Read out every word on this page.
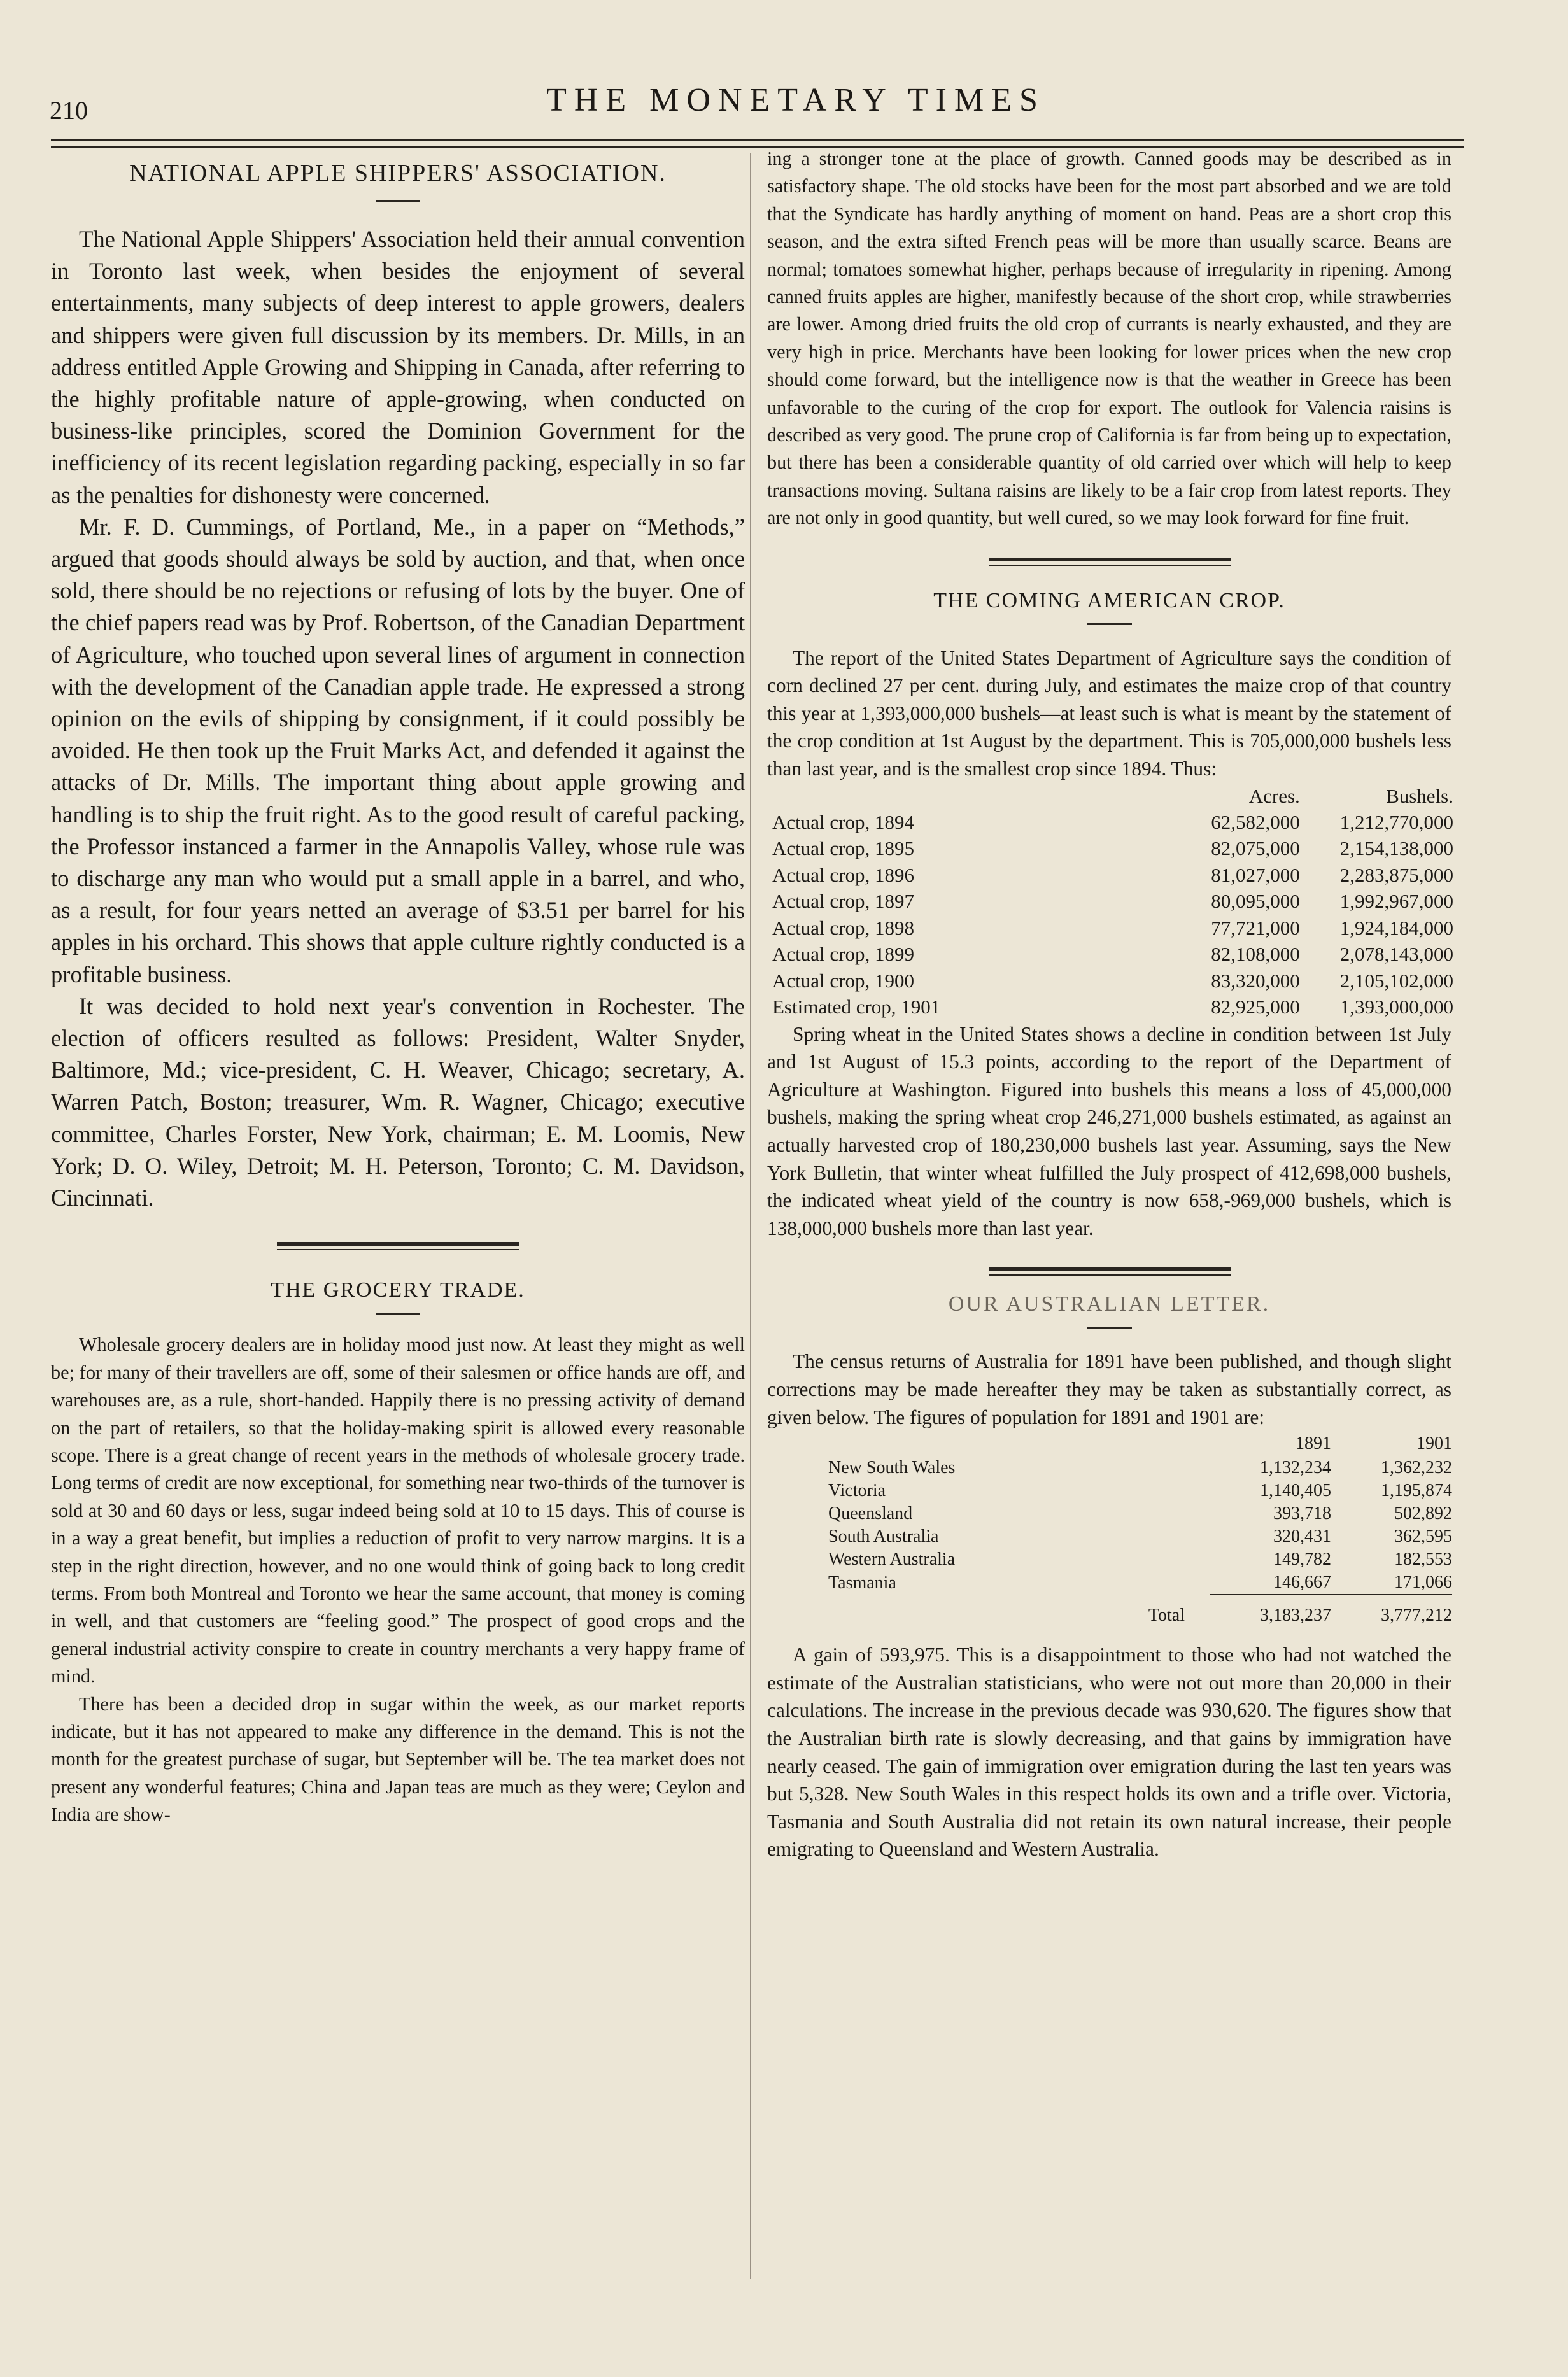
210	THE MONETARY TIMES
NATIONAL APPLE SHIPPERS' ASSOCIATION.

The National Apple Shippers' Association held their annual convention in Toronto last week, when besides the enjoyment of several entertainments, many subjects of deep interest to apple growers, dealers and shippers were given full discussion by its members. Dr. Mills, in an address entitled Apple Growing and Shipping in Canada, after referring to the highly profitable nature of apple-growing, when conducted on business-like principles, scored the Dominion Government for the inefficiency of its recent legislation regarding packing, especially in so far as the penalties for dishonesty were concerned.

Mr. F. D. Cummings, of Portland, Me., in a paper on “Methods,” argued that goods should always be sold by auction, and that, when once sold, there should be no rejections or refusing of lots by the buyer. One of the chief papers read was by Prof. Robertson, of the Canadian Department of Agriculture, who touched upon several lines of argument in connection with the development of the Canadian apple trade. He expressed a strong opinion on the evils of shipping by consignment, if it could possibly be avoided. He then took up the Fruit Marks Act, and defended it against the attacks of Dr. Mills. The important thing about apple growing and handling is to ship the fruit right. As to the good result of careful packing, the Professor instanced a farmer in the Annapolis Valley, whose rule was to discharge any man who would put a small apple in a barrel, and who, as a result, for four years netted an average of $3.51 per barrel for his apples in his orchard. This shows that apple culture rightly conducted is a profitable business.

It was decided to hold next year's convention in Rochester. The election of officers resulted as follows: President, Walter Snyder, Baltimore, Md.; vice-president, C. H. Weaver, Chicago; secretary, A. Warren Patch, Boston; treasurer, Wm. R. Wagner, Chicago; executive committee, Charles Forster, New York, chairman; E. M. Loomis, New York; D. O. Wiley, Detroit; M. H. Peterson, Toronto; C. M. Davidson, Cincinnati.

THE GROCERY TRADE.

Wholesale grocery dealers are in holiday mood just now. At least they might as well be; for many of their travellers are off, some of their salesmen or office hands are off, and warehouses are, as a rule, short-handed. Happily there is no pressing activity of demand on the part of retailers, so that the holiday-making spirit is allowed every reasonable scope. There is a great change of recent years in the methods of wholesale grocery trade. Long terms of credit are now exceptional, for something near two-thirds of the turnover is sold at 30 and 60 days or less, sugar indeed being sold at 10 to 15 days. This of course is in a way a great benefit, but implies a reduction of profit to very narrow margins. It is a step in the right direction, however, and no one would think of going back to long credit terms. From both Montreal and Toronto we hear the same account, that money is coming in well, and that customers are “feeling good.” The prospect of good crops and the general industrial activity conspire to create in country merchants a very happy frame of mind.

There has been a decided drop in sugar within the week, as our market reports indicate, but it has not appeared to make any difference in the demand. This is not the month for the greatest purchase of sugar, but September will be. The tea market does not present any wonderful features; China and Japan teas are much as they were; Ceylon and India are show-

ing a stronger tone at the place of growth. Canned goods may be described as in satisfactory shape. The old stocks have been for the most part absorbed and we are told that the Syndicate has hardly anything of moment on hand. Peas are a short crop this season, and the extra sifted French peas will be more than usually scarce. Beans are normal; tomatoes somewhat higher, perhaps because of irregularity in ripening. Among canned fruits apples are higher, manifestly because of the short crop, while strawberries are lower. Among dried fruits the old crop of currants is nearly exhausted, and they are very high in price. Merchants have been looking for lower prices when the new crop should come forward, but the intelligence now is that the weather in Greece has been unfavorable to the curing of the crop for export. The outlook for Valencia raisins is described as very good. The prune crop of California is far from being up to expectation, but there has been a considerable quantity of old carried over which will help to keep transactions moving. Sultana raisins are likely to be a fair crop from latest reports. They are not only in good quantity, but well cured, so we may look forward for fine fruit.

THE COMING AMERICAN CROP.

The report of the United States Department of Agriculture says the condition of corn declined 27 per cent. during July, and estimates the maize crop of that country this year at 1,393,000,000 bushels—at least such is what is meant by the statement of the crop condition at 1st August by the department. This is 705,000,000 bushels less than last year, and is the smallest crop since 1894. Thus:

	Acres.	Bushels.
Actual crop, 1894	62,582,000	1,212,770,000
Actual crop, 1895	82,075,000	2,154,138,000
Actual crop, 1896	81,027,000	2,283,875,000
Actual crop, 1897	80,095,000	1,992,967,000
Actual crop, 1898	77,721,000	1,924,184,000
Actual crop, 1899	82,108,000	2,078,143,000
Actual crop, 1900	83,320,000	2,105,102,000
Estimated crop, 1901	82,925,000	1,393,000,000

Spring wheat in the United States shows a decline in condition between 1st July and 1st August of 15.3 points, according to the report of the Department of Agriculture at Washington. Figured into bushels this means a loss of 45,000,000 bushels, making the spring wheat crop 246,271,000 bushels estimated, as against an actually harvested crop of 180,230,000 bushels last year. Assuming, says the New York Bulletin, that winter wheat fulfilled the July prospect of 412,698,000 bushels, the indicated wheat yield of the country is now 658,-969,000 bushels, which is 138,000,000 bushels more than last year.

OUR AUSTRALIAN LETTER.

The census returns of Australia for 1891 have been published, and though slight corrections may be made hereafter they may be taken as substantially correct, as given below. The figures of population for 1891 and 1901 are:

	1891	1901
New South Wales	1,132,234	1,362,232
Victoria	1,140,405	1,195,874
Queensland	393,718	502,892
South Australia	320,431	362,595
Western Australia	149,782	182,553
Tasmania	146,667	171,066
Total	3,183,237	3,777,212

A gain of 593,975. This is a disappointment to those who had not watched the estimate of the Australian statisticians, who were not out more than 20,000 in their calculations. The increase in the previous decade was 930,620. The figures show that the Australian birth rate is slowly decreasing, and that gains by immigration have nearly ceased. The gain of immigration over emigration during the last ten years was but 5,328. New South Wales in this respect holds its own and a trifle over. Victoria, Tasmania and South Australia did not retain its own natural increase, their people emigrating to Queensland and Western Australia.
